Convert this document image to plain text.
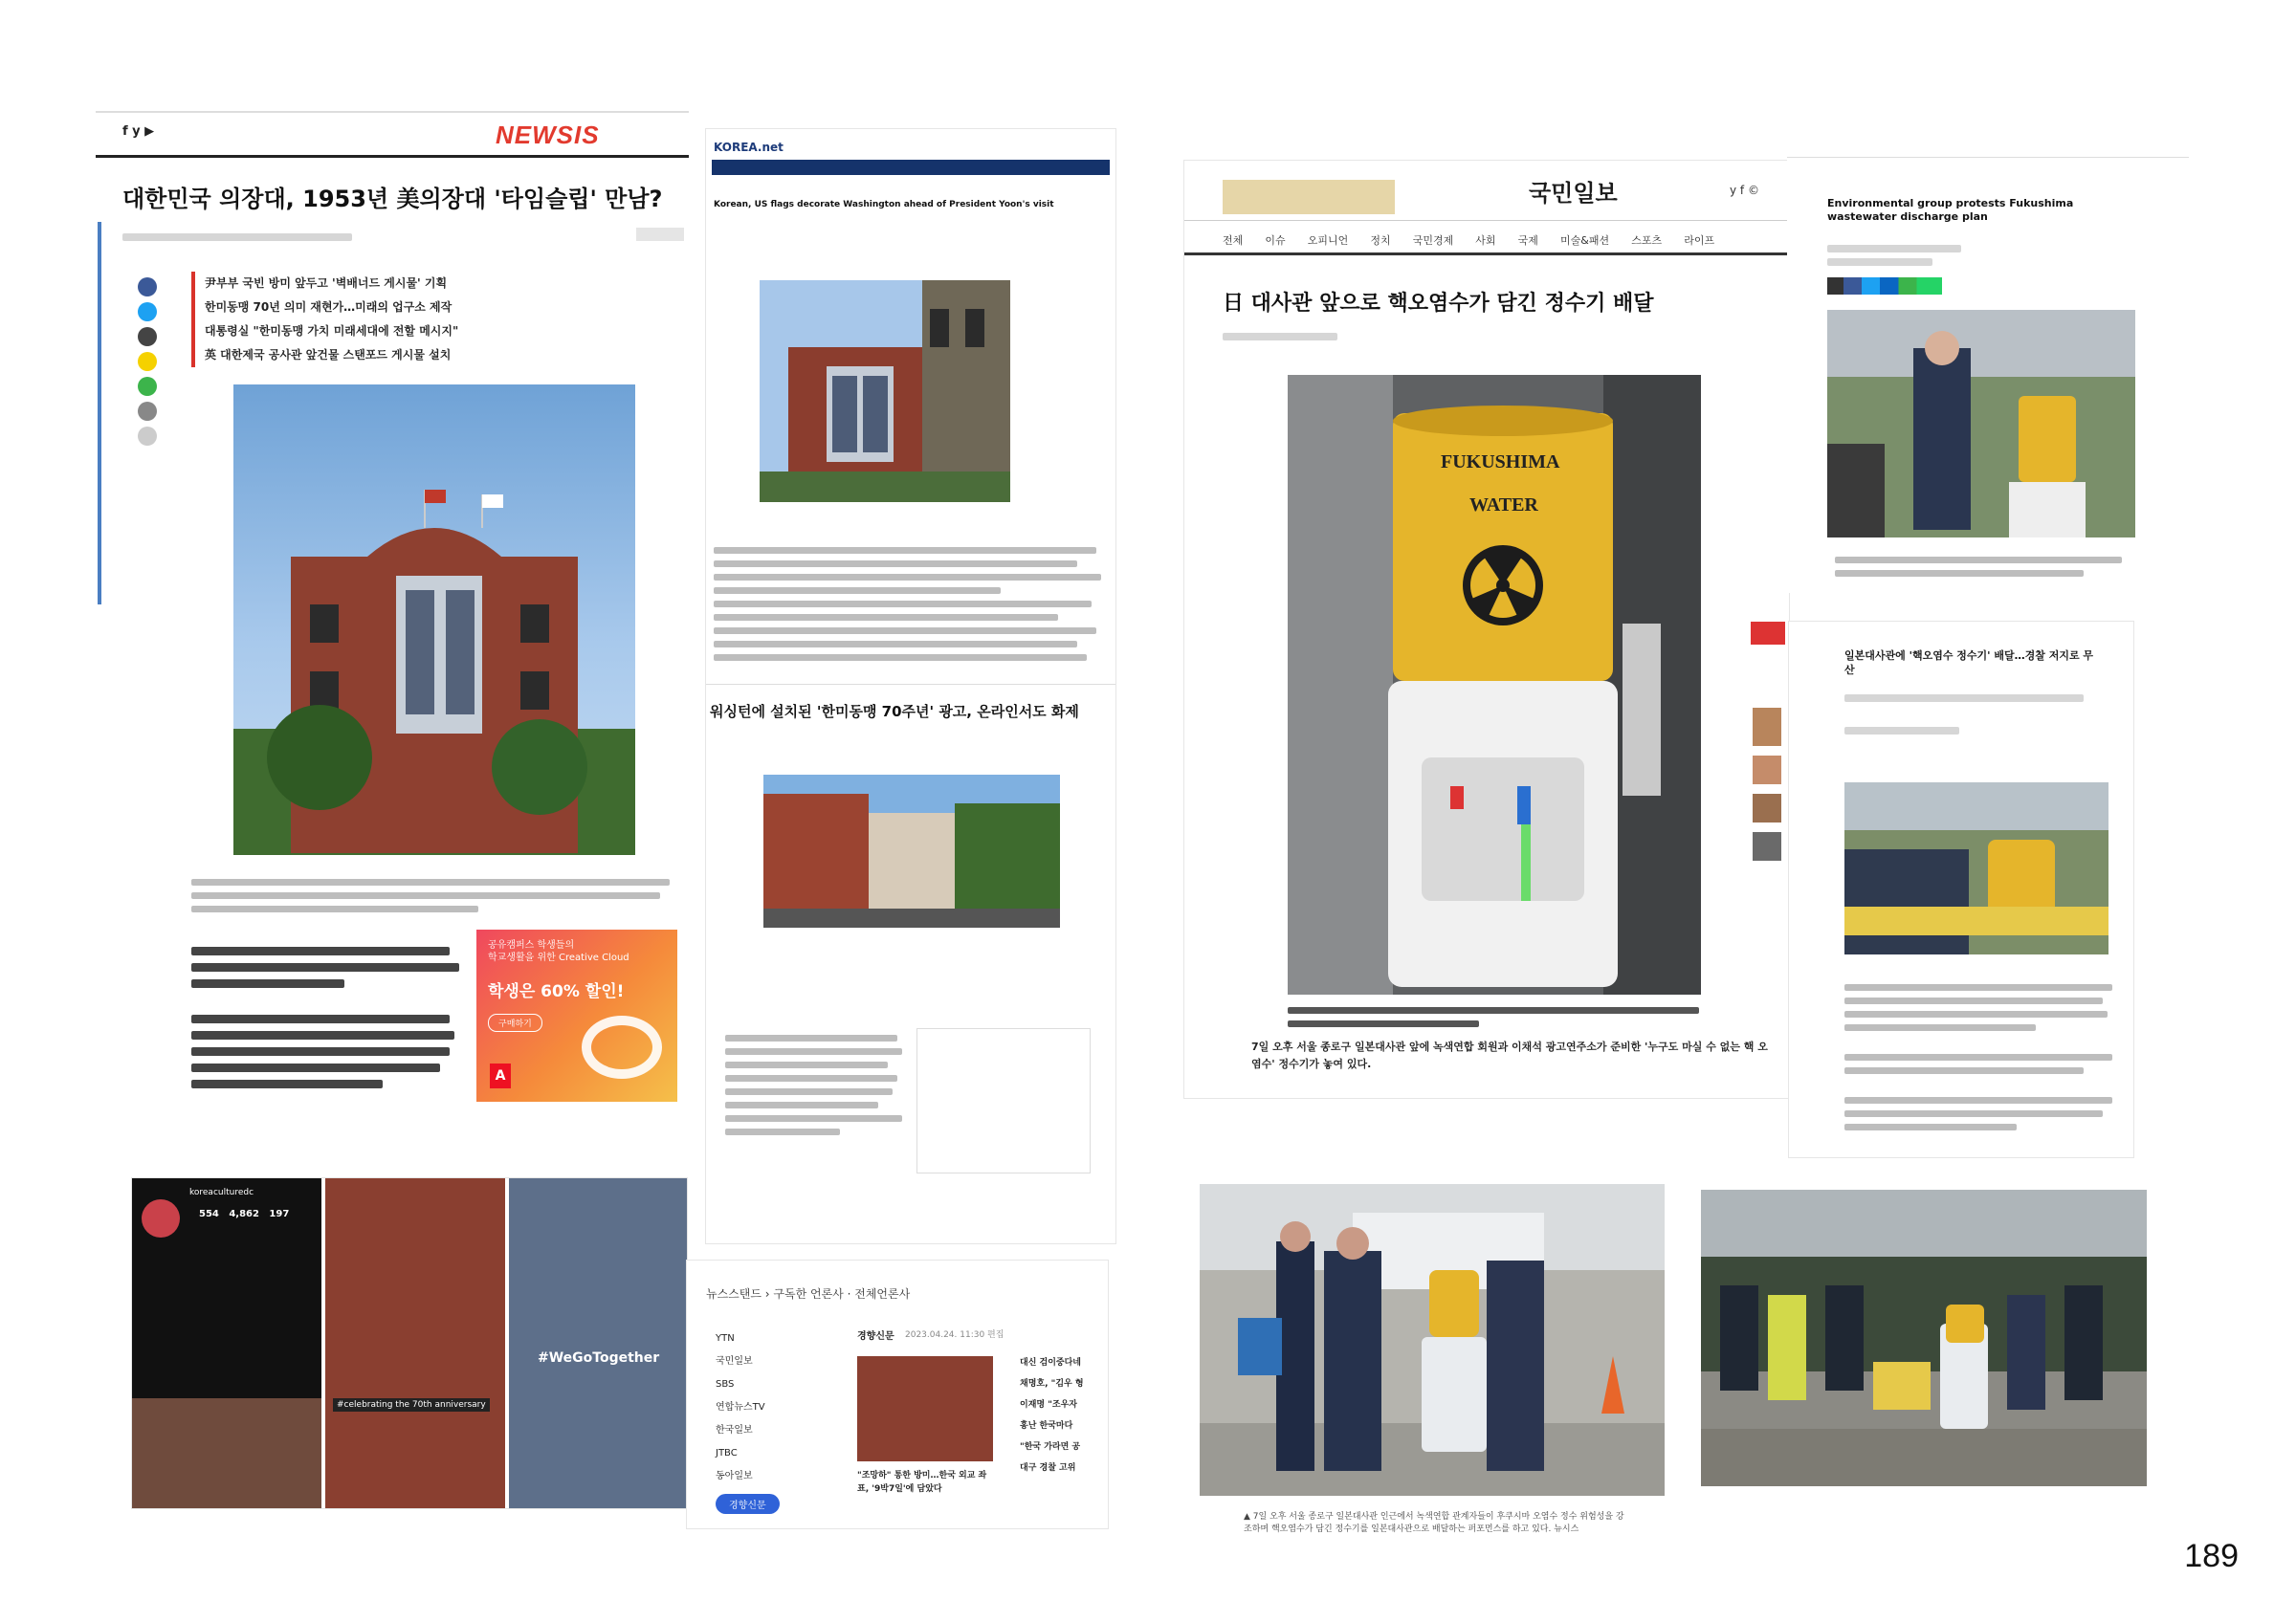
f y ▶	NEWSIS
대한민국 의장대, 1953년 美의장대 '타임슬립' 만남?
尹부부 국빈 방미 앞두고 '벽배너드 게시물' 기획
한미동맹 70년 의미 재현가…미래의 업구소 제작
대통령실 "한미동맹 가치 미래세대에 전할 메시지"
英 대한제국 공사관 앞건물 스탠포드 게시물 설치
공유캠퍼스 학생들의
학교생활을 위한 Creative Cloud
학생은 60% 할인!
구매하기
A
KOREA.net
Korean, US flags decorate Washington ahead of President Yoon's visit
워싱턴에 설치된 '한미동맹 70주년' 광고, 온라인서도 화제
koreaculturedc
554 4,862 197
#celebrating the 70th anniversary
#WeGoTogether
뉴스스탠드 › 구독한 언론사 · 전체언론사
YTN
국민일보
SBS
연합뉴스TV
한국일보
JTBC
동아일보
경향신문
경향신문 2023.04.24. 11:30 편집
"조망하" 통한 방미…한국 외교 좌
표, '9박7일'에 담았다
대신 검이중다네
채명호, "김우 형
이재명 "조우자
홍난 한국마다
"한국 가라면 공
대구 경찰 고위
국민일보	y f ©
전체 이슈 오피니언 정치 국민경제 사회 국제 미술&패션 스포츠 라이프
日 대사관 앞으로 핵오염수가 담긴 정수기 배달
FUKUSHIMA
WATER
7일 오후 서울 종로구 일본대사관 앞에 녹색연합 회원과 이채석 광고연주소가 준비한 '누구도 마실 수 없는 핵 오염수' 정수기가 놓여 있다.
Environmental group protests Fukushima wastewater discharge plan
일본대사관에 '핵오염수 정수기' 배달…경찰 저지로 무산
▲ 7일 오후 서울 종로구 일본대사관 인근에서 녹색연합 관계자들이 후쿠시마 오염수 정수 위험성을 강조하며 핵오염수가 담긴 정수기를 일본대사관으로 배달하는 퍼포먼스를 하고 있다. 뉴시스
189
